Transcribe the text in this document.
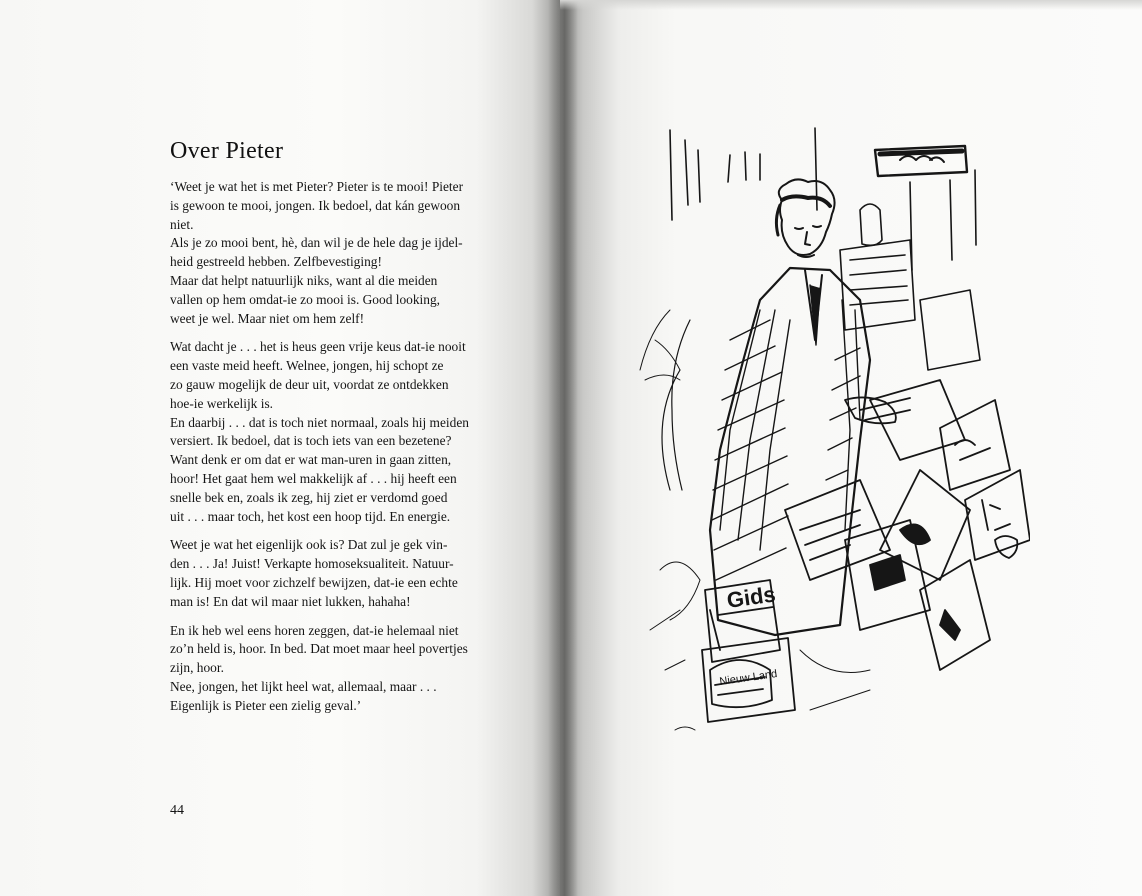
Over Pieter

‘Weet je wat het is met Pieter? Pieter is te mooi! Pieter
is gewoon te mooi, jongen. Ik bedoel, dat kán gewoon
niet.
Als je zo mooi bent, hè, dan wil je de hele dag je ijdel-
heid gestreeld hebben. Zelfbevestiging!
Maar dat helpt natuurlijk niks, want al die meiden
vallen op hem omdat-ie zo mooi is. Good looking,
weet je wel. Maar niet om hem zelf!

Wat dacht je . . . het is heus geen vrije keus dat-ie nooit
een vaste meid heeft. Welnee, jongen, hij schopt ze
zo gauw mogelijk de deur uit, voordat ze ontdekken
hoe-ie werkelijk is.
En daarbij . . . dat is toch niet normaal, zoals hij meiden
versiert. Ik bedoel, dat is toch iets van een bezetene?
Want denk er om dat er wat man-uren in gaan zitten,
hoor! Het gaat hem wel makkelijk af . . . hij heeft een
snelle bek en, zoals ik zeg, hij ziet er verdomd goed
uit . . . maar toch, het kost een hoop tijd. En energie.

Weet je wat het eigenlijk ook is? Dat zul je gek vin-
den . . . Ja! Juist! Verkapte homoseksualiteit. Natuur-
lijk. Hij moet voor zichzelf bewijzen, dat-ie een echte
man is! En dat wil maar niet lukken, hahaha!

En ik heb wel eens horen zeggen, dat-ie helemaal niet
zo’n held is, hoor. In bed. Dat moet maar heel povertjes
zijn, hoor.
Nee, jongen, het lijkt heel wat, allemaal, maar . . .
Eigenlijk is Pieter een zielig geval.’

44
Gids
Nieuw Land
